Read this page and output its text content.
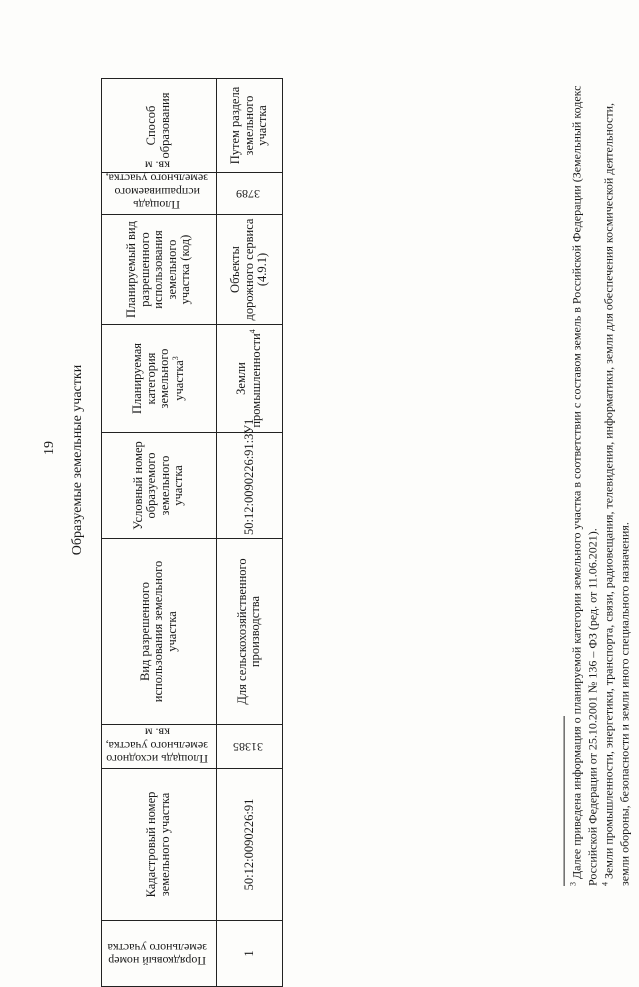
19 Образуемые земельные участки
Порядковый номер земельного участка	Кадастровый номер земельного участка	Площадь исходного земельного участка, кв. м	Вид разрешенного использования земельного участка	Условный номер образуемого земельного участка	Планируемая категория земельного участка$^3$	Планируемый вид разрешенного использования земельного участка (код)	Площадь испрашиваемого земельного участка, кв. м	Способ образования
1	50:12:0090226:91	31385	Для сельскохозяйственного производства	50:12:0090226:91:ЗУ1	Земли промышленности$^4$	Объекты дорожного сервиса (4.9.1)	3789	Путем раздела земельного участка

$^3$ Далее приведена информация о планируемой категории земельного участка в соответствии с составом земель в Российской Федерации (Земельный кодекс Российской Федерации от 25.10.2001 № 136 – ФЗ (ред. от 11.06.2021). $^4$ Земли промышленности, энергетики, транспорта, связи, радиовещания, телевидения, информатики, земли для обеспечения космической деятельности, земли обороны, безопасности и земли иного специального назначения.
